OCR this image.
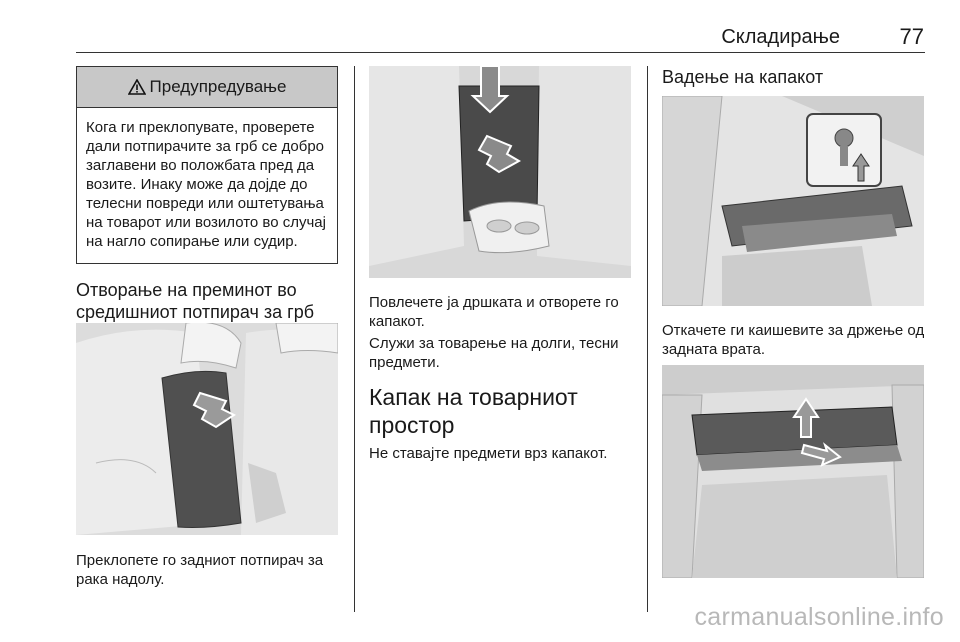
Складирање	77
Предупредување
Кога ги преклопувате, проверете дали потпирачите за грб се добро заглавени во положбата пред да возите. Инаку може да дојде до телесни повреди или оштетувања на товарот или возилото во случај на нагло сопирање или судир.
Отворање на преминот во средишниот потпирач за грб
Преклопете го задниот потпирач за рака надолу.
Повлечете ја дршката и отворете го капакот.
Служи за товарење на долги, тесни предмети.
Капак на товарниот простор
Не ставајте предмети врз капакот.
Вадење на капакот
Откачете ги каишевите за држење од задната врата.
carmanualsonline.info
